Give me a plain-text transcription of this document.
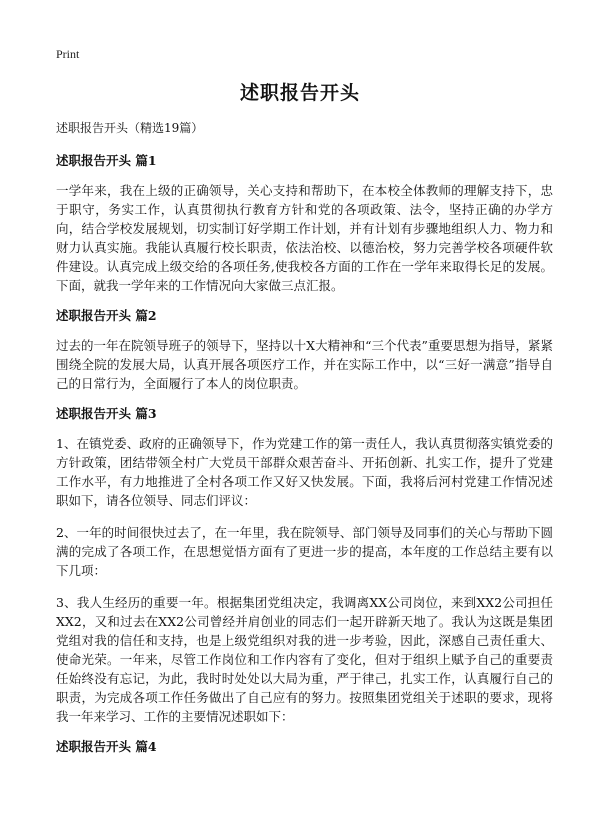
Print
述职报告开头

述职报告开头（精选19篇）

述职报告开头 篇1

一学年来，我在上级的正确领导，关心支持和帮助下，在本校全体教师的理解支持下，忠于职守，务实工作，认真贯彻执行教育方针和党的各项政策、法令，坚持正确的办学方向，结合学校发展规划，切实制订好学期工作计划，并有计划有步骤地组织人力、物力和财力认真实施。我能认真履行校长职责，依法治校、以德治校，努力完善学校各项硬件软件建设。认真完成上级交给的各项任务,使我校各方面的工作在一学年来取得长足的发展。下面，就我一学年来的工作情况向大家做三点汇报。

述职报告开头 篇2

过去的一年在院领导班子的领导下，坚持以十X大精神和“三个代表”重要思想为指导，紧紧围绕全院的发展大局，认真开展各项医疗工作，并在实际工作中，以“三好一满意”指导自己的日常行为，全面履行了本人的岗位职责。

述职报告开头 篇3

1、在镇党委、政府的正确领导下，作为党建工作的第一责任人，我认真贯彻落实镇党委的方针政策，团结带领全村广大党员干部群众艰苦奋斗、开拓创新、扎实工作，提升了党建工作水平，有力地推进了全村各项工作又好又快发展。下面，我将后河村党建工作情况述职如下，请各位领导、同志们评议：

2、一年的时间很快过去了，在一年里，我在院领导、部门领导及同事们的关心与帮助下圆满的完成了各项工作，在思想觉悟方面有了更进一步的提高，本年度的工作总结主要有以下几项：

3、我人生经历的重要一年。根据集团党组决定，我调离XX公司岗位，来到XX2公司担任XX2，又和过去在XX2公司曾经并肩创业的同志们一起开辟新天地了。我认为这既是集团党组对我的信任和支持，也是上级党组织对我的进一步考验，因此，深感自己责任重大、使命光荣。一年来，尽管工作岗位和工作内容有了变化，但对于组织上赋予自己的重要责任始终没有忘记，为此，我时时处处以大局为重，严于律己，扎实工作，认真履行自己的职责，为完成各项工作任务做出了自己应有的努力。按照集团党组关于述职的要求，现将我一年来学习、工作的主要情况述职如下：

述职报告开头 篇4
